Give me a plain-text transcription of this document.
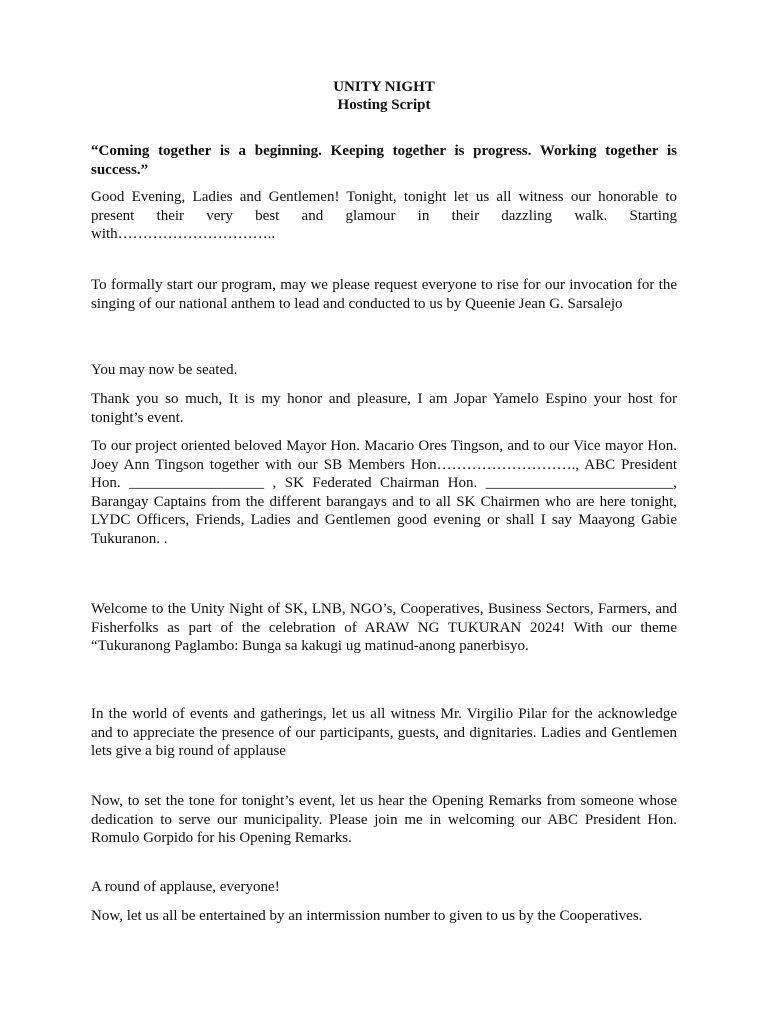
UNITY NIGHT
Hosting Script

“Coming together is a beginning. Keeping together is progress. Working together is success.”

Good Evening, Ladies and Gentlemen! Tonight, tonight let us all witness our honorable to present their very best and glamour in their dazzling walk. Starting with…………………………..

To formally start our program, may we please request everyone to rise for our invocation for the singing of our national anthem to lead and conducted to us by Queenie Jean G. Sarsalejo

You may now be seated.

Thank you so much, It is my honor and pleasure, I am Jopar Yamelo Espino your host for tonight’s event.

To our project oriented beloved Mayor Hon. Macario Ores Tingson, and to our Vice mayor Hon. Joey Ann Tingson together with our SB Members Hon………………………., ABC President Hon. __________________ , SK Federated Chairman Hon. _________________________, Barangay Captains from the different barangays and to all SK Chairmen who are here tonight, LYDC Officers, Friends, Ladies and Gentlemen good evening or shall I say Maayong Gabie Tukuranon. .

Welcome to the Unity Night of SK, LNB, NGO’s, Cooperatives, Business Sectors, Farmers, and Fisherfolks as part of the celebration of ARAW NG TUKURAN 2024! With our theme “Tukuranong Paglambo: Bunga sa kakugi ug matinud-anong panerbisyo.

In the world of events and gatherings, let us all witness Mr. Virgilio Pilar for the acknowledge and to appreciate the presence of our participants, guests, and dignitaries. Ladies and Gentlemen lets give a big round of applause

Now, to set the tone for tonight’s event, let us hear the Opening Remarks from someone whose dedication to serve our municipality. Please join me in welcoming our ABC President Hon. Romulo Gorpido for his Opening Remarks.

A round of applause, everyone!

Now, let us all be entertained by an intermission number to given to us by the Cooperatives.
